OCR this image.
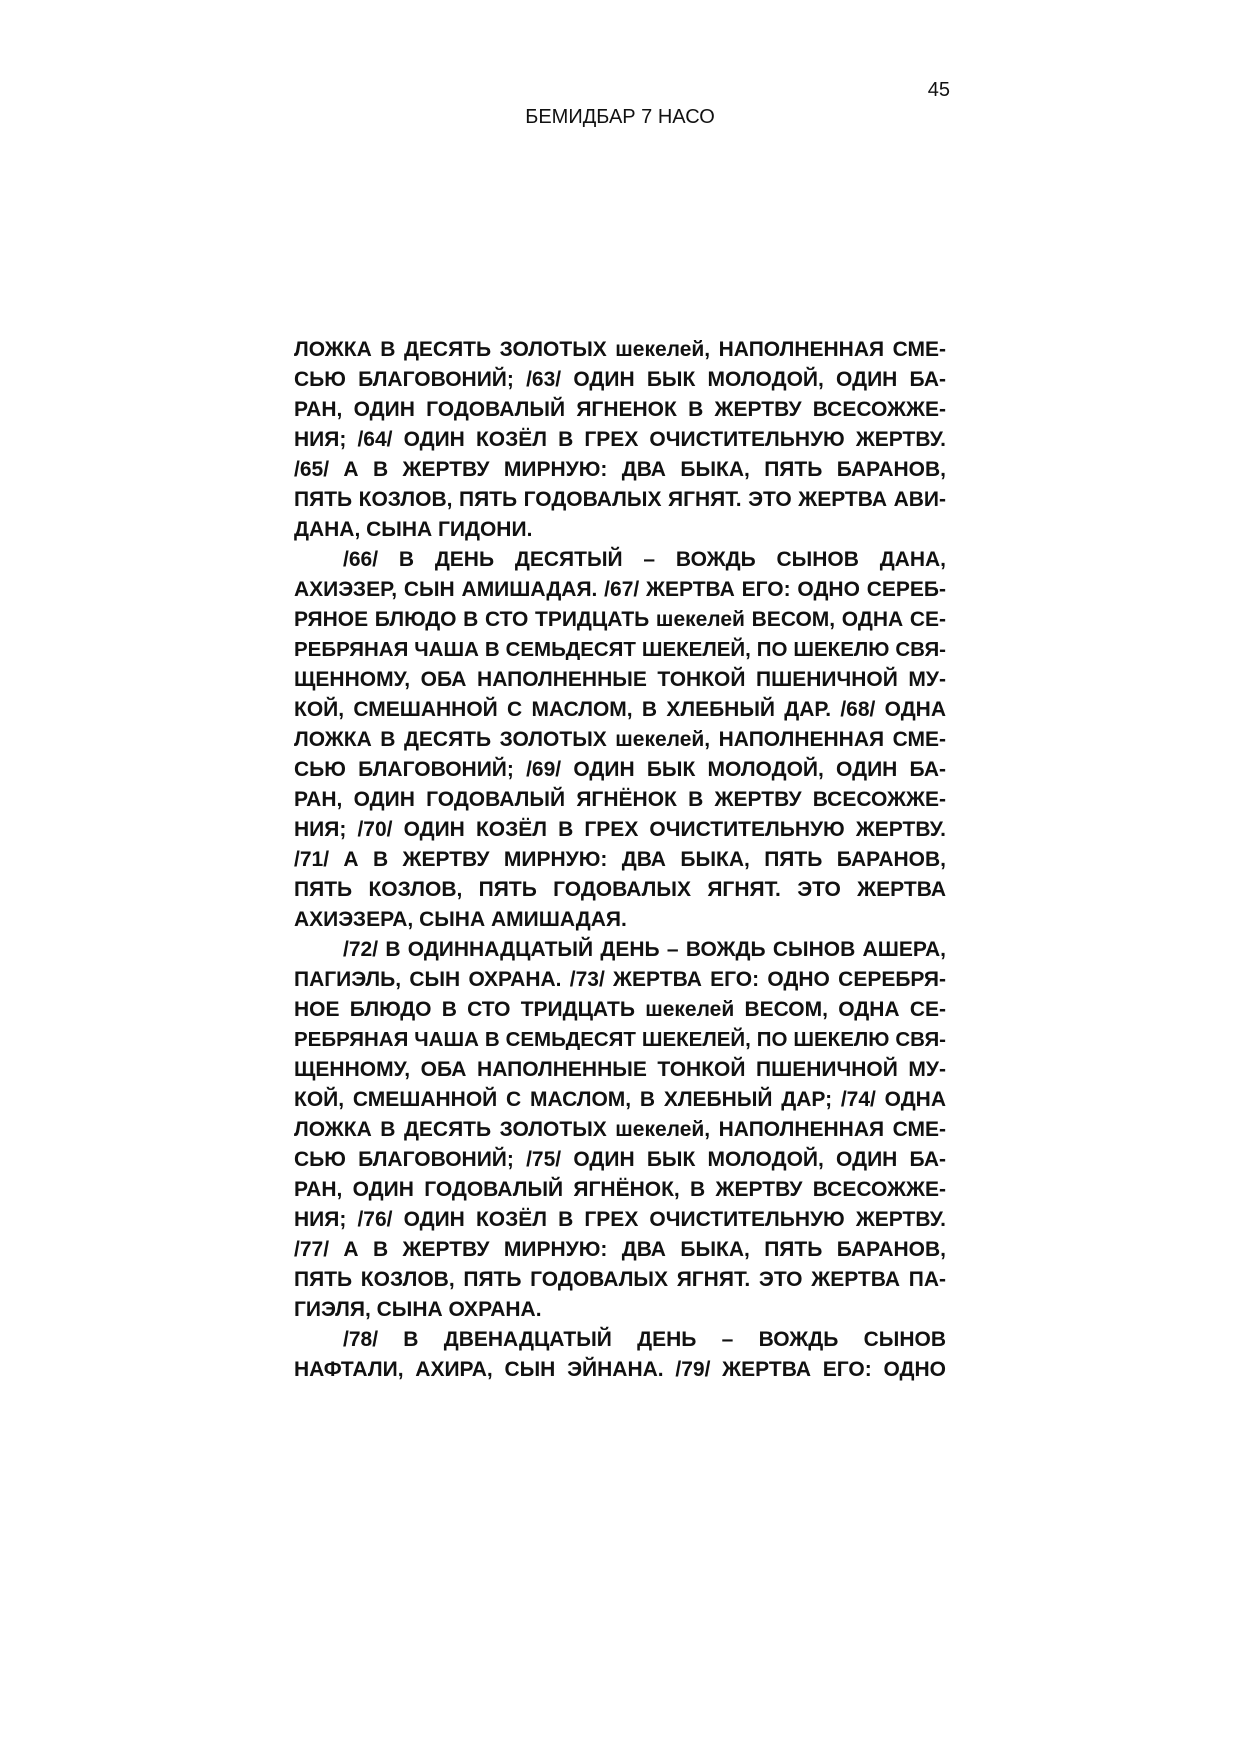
45
БЕМИДБАР 7 НАСО
ЛОЖКА В ДЕСЯТЬ ЗОЛОТЫХ шекелей, НАПОЛНЕННАЯ СМЕ-
СЬЮ БЛАГОВОНИЙ; /63/ ОДИН БЫК МОЛОДОЙ, ОДИН БА-
РАН, ОДИН ГОДОВАЛЫЙ ЯГНЕНОК В ЖЕРТВУ ВСЕСОЖЖЕ-
НИЯ; /64/ ОДИН КОЗЁЛ В ГРЕХ ОЧИСТИТЕЛЬНУЮ ЖЕРТВУ.
/65/ А В ЖЕРТВУ МИРНУЮ: ДВА БЫКА, ПЯТЬ БАРАНОВ,
ПЯТЬ КОЗЛОВ, ПЯТЬ ГОДОВАЛЫХ ЯГНЯТ. ЭТО ЖЕРТВА АВИ-
ДАНА, СЫНА ГИДОНИ.
/66/ В ДЕНЬ ДЕСЯТЫЙ – ВОЖДЬ СЫНОВ ДАНА,
АХИЭЗЕР, СЫН АМИШАДАЯ. /67/ ЖЕРТВА ЕГО: ОДНО СЕРЕБ-
РЯНОЕ БЛЮДО В СТО ТРИДЦАТЬ шекелей ВЕСОМ, ОДНА СЕ-
РЕБРЯНАЯ ЧАША В СЕМЬДЕСЯТ ШЕКЕЛЕЙ, ПО ШЕКЕЛЮ СВЯ-
ЩЕННОМУ, ОБА НАПОЛНЕННЫЕ ТОНКОЙ ПШЕНИЧНОЙ МУ-
КОЙ, СМЕШАННОЙ С МАСЛОМ, В ХЛЕБНЫЙ ДАР. /68/ ОДНА
ЛОЖКА В ДЕСЯТЬ ЗОЛОТЫХ шекелей, НАПОЛНЕННАЯ СМЕ-
СЬЮ БЛАГОВОНИЙ; /69/ ОДИН БЫК МОЛОДОЙ, ОДИН БА-
РАН, ОДИН ГОДОВАЛЫЙ ЯГНЁНОК В ЖЕРТВУ ВСЕСОЖЖЕ-
НИЯ; /70/ ОДИН КОЗЁЛ В ГРЕХ ОЧИСТИТЕЛЬНУЮ ЖЕРТВУ.
/71/ А В ЖЕРТВУ МИРНУЮ: ДВА БЫКА, ПЯТЬ БАРАНОВ,
ПЯТЬ КОЗЛОВ, ПЯТЬ ГОДОВАЛЫХ ЯГНЯТ. ЭТО ЖЕРТВА
АХИЭЗЕРА, СЫНА АМИШАДАЯ.
/72/ В ОДИННАДЦАТЫЙ ДЕНЬ – ВОЖДЬ СЫНОВ АШЕРА,
ПАГИЭЛЬ, СЫН ОХРАНА. /73/ ЖЕРТВА ЕГО: ОДНО СЕРЕБРЯ-
НОЕ БЛЮДО В СТО ТРИДЦАТЬ шекелей ВЕСОМ, ОДНА СЕ-
РЕБРЯНАЯ ЧАША В СЕМЬДЕСЯТ ШЕКЕЛЕЙ, ПО ШЕКЕЛЮ СВЯ-
ЩЕННОМУ, ОБА НАПОЛНЕННЫЕ ТОНКОЙ ПШЕНИЧНОЙ МУ-
КОЙ, СМЕШАННОЙ С МАСЛОМ, В ХЛЕБНЫЙ ДАР; /74/ ОДНА
ЛОЖКА В ДЕСЯТЬ ЗОЛОТЫХ шекелей, НАПОЛНЕННАЯ СМЕ-
СЬЮ БЛАГОВОНИЙ; /75/ ОДИН БЫК МОЛОДОЙ, ОДИН БА-
РАН, ОДИН ГОДОВАЛЫЙ ЯГНЁНОК, В ЖЕРТВУ ВСЕСОЖЖЕ-
НИЯ; /76/ ОДИН КОЗЁЛ В ГРЕХ ОЧИСТИТЕЛЬНУЮ ЖЕРТВУ.
/77/ А В ЖЕРТВУ МИРНУЮ: ДВА БЫКА, ПЯТЬ БАРАНОВ,
ПЯТЬ КОЗЛОВ, ПЯТЬ ГОДОВАЛЫХ ЯГНЯТ. ЭТО ЖЕРТВА ПА-
ГИЭЛЯ, СЫНА ОХРАНА.
/78/ В ДВЕНАДЦАТЫЙ ДЕНЬ – ВОЖДЬ СЫНОВ
НАФТАЛИ, АХИРА, СЫН ЭЙНАНА. /79/ ЖЕРТВА ЕГО: ОДНО
